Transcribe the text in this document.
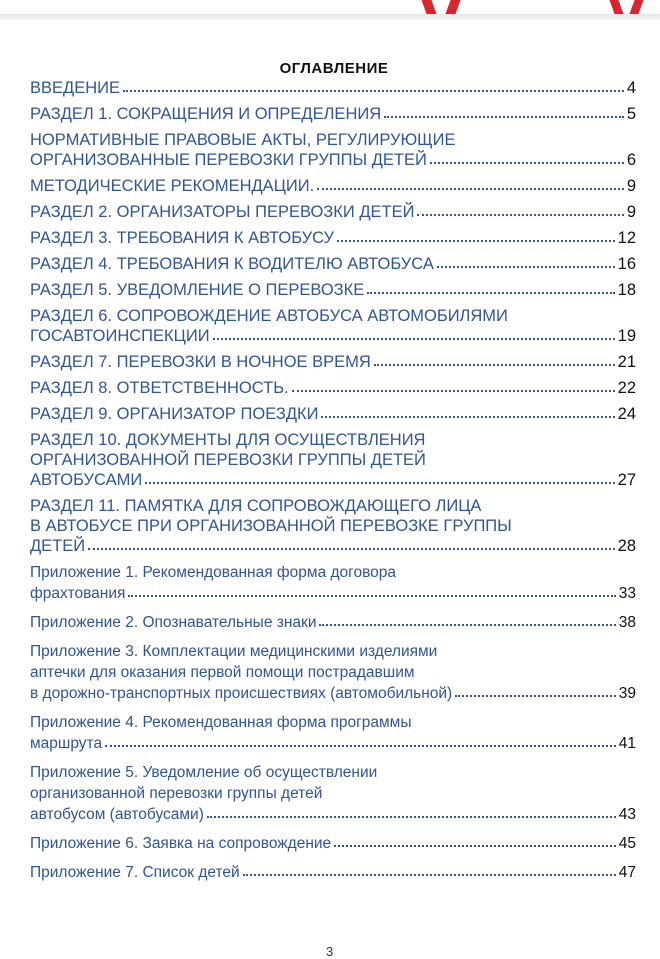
ОГЛАВЛЕНИЕ
ВВЕДЕНИЕ	4
РАЗДЕЛ 1. СОКРАЩЕНИЯ И ОПРЕДЕЛЕНИЯ	5
НОРМАТИВНЫЕ ПРАВОВЫЕ АКТЫ, РЕГУЛИРУЮЩИЕ
ОРГАНИЗОВАННЫЕ ПЕРЕВОЗКИ ГРУППЫ ДЕТЕЙ	6
МЕТОДИЧЕСКИЕ РЕКОМЕНДАЦИИ.	9
РАЗДЕЛ 2. ОРГАНИЗАТОРЫ ПЕРЕВОЗКИ ДЕТЕЙ	9
РАЗДЕЛ 3. ТРЕБОВАНИЯ К АВТОБУСУ	12
РАЗДЕЛ 4. ТРЕБОВАНИЯ К ВОДИТЕЛЮ АВТОБУСА	16
РАЗДЕЛ 5. УВЕДОМЛЕНИЕ О ПЕРЕВОЗКЕ	18
РАЗДЕЛ 6. СОПРОВОЖДЕНИЕ АВТОБУСА АВТОМОБИЛЯМИ
ГОСАВТОИНСПЕКЦИИ	19
РАЗДЕЛ 7. ПЕРЕВОЗКИ В НОЧНОЕ ВРЕМЯ	21
РАЗДЕЛ 8. ОТВЕТСТВЕННОСТЬ.	22
РАЗДЕЛ 9. ОРГАНИЗАТОР ПОЕЗДКИ	24
РАЗДЕЛ 10. ДОКУМЕНТЫ ДЛЯ ОСУЩЕСТВЛЕНИЯ
ОРГАНИЗОВАННОЙ ПЕРЕВОЗКИ ГРУППЫ ДЕТЕЙ
АВТОБУСАМИ	27
РАЗДЕЛ 11. ПАМЯТКА ДЛЯ СОПРОВОЖДАЮЩЕГО ЛИЦА
В АВТОБУСЕ ПРИ ОРГАНИЗОВАННОЙ ПЕРЕВОЗКЕ ГРУППЫ
ДЕТЕЙ	28
Приложение 1. Рекомендованная форма договора
фрахтования	33
Приложение 2. Опознавательные знаки	38
Приложение 3. Комплектации медицинскими изделиями
аптечки для оказания первой помощи пострадавшим
в дорожно-транспортных происшествиях (автомобильной)	39
Приложение 4. Рекомендованная форма программы
маршрута	41
Приложение 5. Уведомление об осуществлении
организованной перевозки группы детей
автобусом (автобусами)	43
Приложение 6. Заявка на сопровождение	45
Приложение 7. Список детей	47
3
